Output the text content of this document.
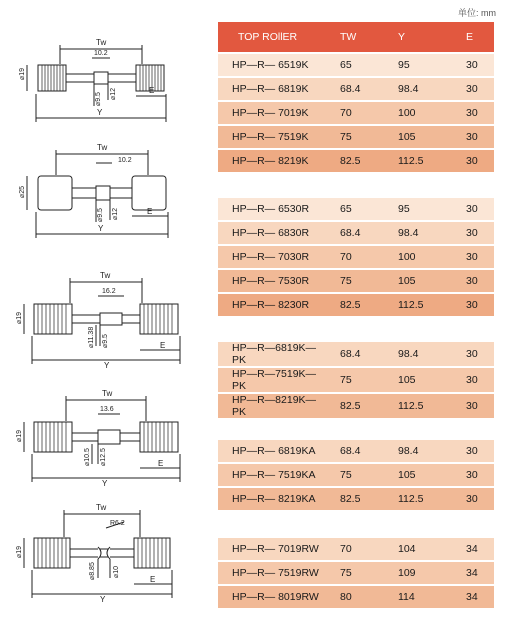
单位: mm
Tw
10.2
⌀19
⌀9.5 ⌀12	E
Y
Tw
10.2
⌀25
⌀9.5 ⌀12	E
Y
Tw
16.2
⌀19
⌀11.38 ⌀9.5	E
Y
Tw
13.6
⌀19
⌀10.5 ⌀12.5	E
Y
Tw
R6.2
⌀19
⌀8.85 ⌀10
E
Y
TOP ROllER	TW	Y	E
HP—R— 6519K	65	95	30
HP—R— 6819K	68.4	98.4	30
HP—R— 7019K	70	100	30
HP—R— 7519K	75	105	30
HP—R— 8219K	82.5	112.5	30
HP—R— 6530R	65	95	30
HP—R— 6830R	68.4	98.4	30
HP—R— 7030R	70	100	30
HP—R— 7530R	75	105	30
HP—R— 8230R	82.5	112.5	30
HP—R—6819K—PK	68.4	98.4	30
HP—R—7519K—PK	75	105	30
HP—R—8219K—PK	82.5	112.5	30
HP—R— 6819KA	68.4	98.4	30
HP—R— 7519KA	75	105	30
HP—R— 8219KA	82.5	112.5	30
HP—R— 7019RW	70	104	34
HP—R— 7519RW	75	109	34
HP—R— 8019RW	80	114	34
